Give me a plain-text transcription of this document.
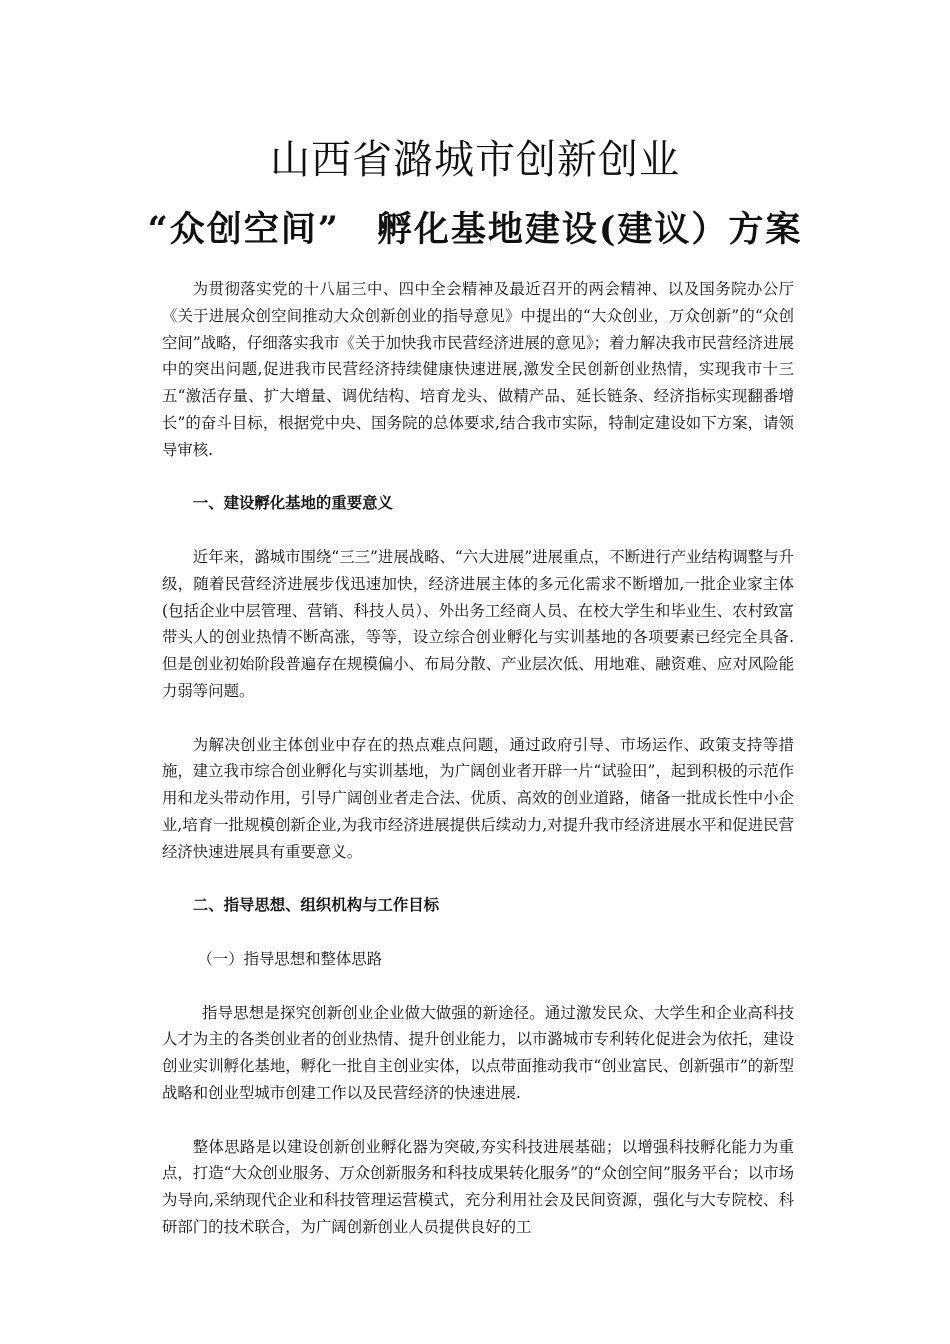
山西省潞城市创新创业
“众创空间”　孵化基地建设(建议）方案

为贯彻落实党的十八届三中、四中全会精神及最近召开的两会精神、以及国务院办公厅《关于进展众创空间推动大众创新创业的指导意见》中提出的“大众创业，万众创新”的“众创空间”战略，仔细落实我市《关于加快我市民营经济进展的意见》；着力解决我市民营经济进展中的突出问题,促进我市民营经济持续健康快速进展,激发全民创新创业热情，实现我市十三五“激活存量、扩大增量、调优结构、培育龙头、做精产品、延长链条、经济指标实现翻番增长”的奋斗目标，根据党中央、国务院的总体要求,结合我市实际，特制定建设如下方案，请领导审核.

一、建设孵化基地的重要意义

近年来，潞城市围绕“三三”进展战略、“六大进展”进展重点，不断进行产业结构调整与升级，随着民营经济进展步伐迅速加快，经济进展主体的多元化需求不断增加,一批企业家主体(包括企业中层管理、营销、科技人员）、外出务工经商人员、在校大学生和毕业生、农村致富带头人的创业热情不断高涨，等等，设立综合创业孵化与实训基地的各项要素已经完全具备.但是创业初始阶段普遍存在规模偏小、布局分散、产业层次低、用地难、融资难、应对风险能力弱等问题。

为解决创业主体创业中存在的热点难点问题，通过政府引导、市场运作、政策支持等措施，建立我市综合创业孵化与实训基地，为广阔创业者开辟一片“试验田”，起到积极的示范作用和龙头带动作用，引导广阔创业者走合法、优质、高效的创业道路，储备一批成长性中小企业,培育一批规模创新企业,为我市经济进展提供后续动力,对提升我市经济进展水平和促进民营经济快速进展具有重要意义。

二、指导思想、组织机构与工作目标

（一）指导思想和整体思路

指导思想是探究创新创业企业做大做强的新途径。通过激发民众、大学生和企业高科技人才为主的各类创业者的创业热情、提升创业能力，以市潞城市专利转化促进会为依托，建设创业实训孵化基地，孵化一批自主创业实体，以点带面推动我市“创业富民、创新强市”的新型战略和创业型城市创建工作以及民营经济的快速进展.

整体思路是以建设创新创业孵化器为突破,夯实科技进展基础；以增强科技孵化能力为重点，打造“大众创业服务、万众创新服务和科技成果转化服务”的“众创空间”服务平台；以市场为导向,采纳现代企业和科技管理运营模式，充分利用社会及民间资源，强化与大专院校、科研部门的技术联合，为广阔创新创业人员提供良好的工
